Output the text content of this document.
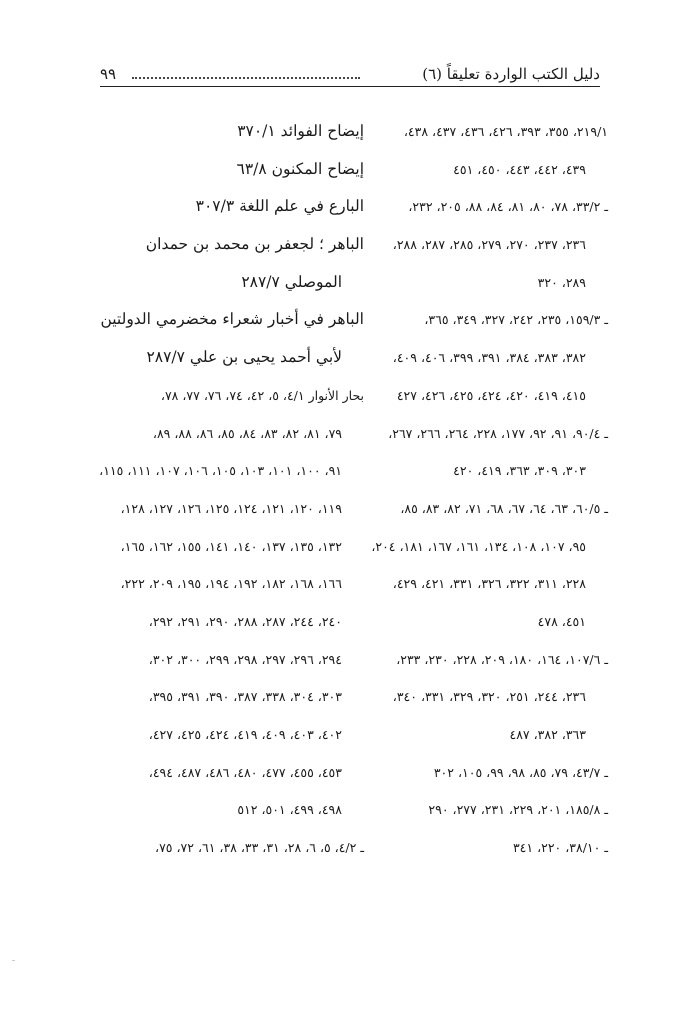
دليل الكتب الواردة تعليقاً (٦)
٩٩
٢١٩/١، ٣٥٥، ٣٩٣، ٤٢٦، ٤٣٦، ٤٣٧، ٤٣٨،
٤٣٩، ٤٤٢، ٤٤٣، ٤٥٠، ٤٥١
ـ ٣٣/٢، ٧٨، ٨٠، ٨١، ٨٤، ٨٨، ٢٠٥، ٢٣٢،
٢٣٦، ٢٣٧، ٢٧٠، ٢٧٩، ٢٨٥، ٢٨٧، ٢٨٨،
٢٨٩، ٣٢٠
ـ ١٥٩/٣، ٢٣٥، ٢٤٢، ٣٢٧، ٣٤٩، ٣٦٥،
٣٨٢، ٣٨٣، ٣٨٤، ٣٩١، ٣٩٩، ٤٠٦، ٤٠٩،
٤١٥، ٤١٩، ٤٢٠، ٤٢٤، ٤٢٥، ٤٢٦، ٤٢٧
ـ ٩٠/٤، ٩١، ٩٢، ١٧٧، ٢٢٨، ٢٦٤، ٢٦٦، ٢٦٧،
٣٠٣، ٣٠٩، ٣٦٣، ٤١٩، ٤٢٠
ـ ٦٠/٥، ٦٣، ٦٤، ٦٧، ٦٨، ٧١، ٨٢، ٨٣، ٨٥،
٩٥، ١٠٧، ١٠٨، ١٣٤، ١٦١، ١٦٧، ١٨١، ٢٠٤،
٢٢٨، ٣١١، ٣٢٢، ٣٢٦، ٣٣١، ٤٢١، ٤٢٩،
٤٥١، ٤٧٨
ـ ١٠٧/٦، ١٦٤، ١٨٠، ٢٠٩، ٢٢٨، ٢٣٠، ٢٣٣،
٢٣٦، ٢٤٤، ٢٥١، ٣٢٠، ٣٢٩، ٣٣١، ٣٤٠،
٣٦٣، ٣٨٢، ٤٨٧
ـ ٤٣/٧، ٧٩، ٨٥، ٩٨، ٩٩، ١٠٥، ٣٠٢
ـ ١٨٥/٨، ٢٠١، ٢٢٩، ٢٣١، ٢٧٧، ٢٩٠
ـ ٣٨/١٠، ٢٢٠، ٣٤١
إيضاح الفوائد ٣٧٠/١
إيضاح المكنون ٦٣/٨
البارع في علم اللغة ٣٠٧/٣
الباهر ؛ لجعفر بن محمد بن حمدان
الموصلي ٢٨٧/٧
الباهر في أخبار شعراء مخضرمي الدولتين
لأبي أحمد يحيى بن علي ٢٨٧/٧
بحار الأنوار ٤/١، ٥، ٤٢، ٧٤، ٧٦، ٧٧، ٧٨،
٧٩، ٨١، ٨٢، ٨٣، ٨٤، ٨٥، ٨٦، ٨٨، ٨٩،
٩١، ١٠٠، ١٠١، ١٠٣، ١٠٥، ١٠٦، ١٠٧، ١١١، ١١٥،
١١٩، ١٢٠، ١٢١، ١٢٤، ١٢٥، ١٢٦، ١٢٧، ١٢٨،
١٣٢، ١٣٥، ١٣٧، ١٤٠، ١٤١، ١٥٥، ١٦٢، ١٦٥،
١٦٦، ١٦٨، ١٨٢، ١٩٢، ١٩٤، ١٩٥، ٢٠٩، ٢٢٢،
٢٤٠، ٢٤٤، ٢٨٧، ٢٨٨، ٢٩٠، ٢٩١، ٢٩٢،
٢٩٤، ٢٩٦، ٢٩٧، ٢٩٨، ٢٩٩، ٣٠٠، ٣٠٢،
٣٠٣، ٣٠٤، ٣٣٨، ٣٨٧، ٣٩٠، ٣٩١، ٣٩٥،
٤٠٢، ٤٠٣، ٤٠٩، ٤١٩، ٤٢٤، ٤٢٥، ٤٢٧،
٤٥٣، ٤٥٥، ٤٧٧، ٤٨٠، ٤٨٦، ٤٨٧، ٤٩٤،
٤٩٨، ٤٩٩، ٥٠١، ٥١٢
ـ ٤/٢، ٥، ٦، ٢٨، ٣١، ٣٣، ٣٨، ٦١، ٧٢، ٧٥،
